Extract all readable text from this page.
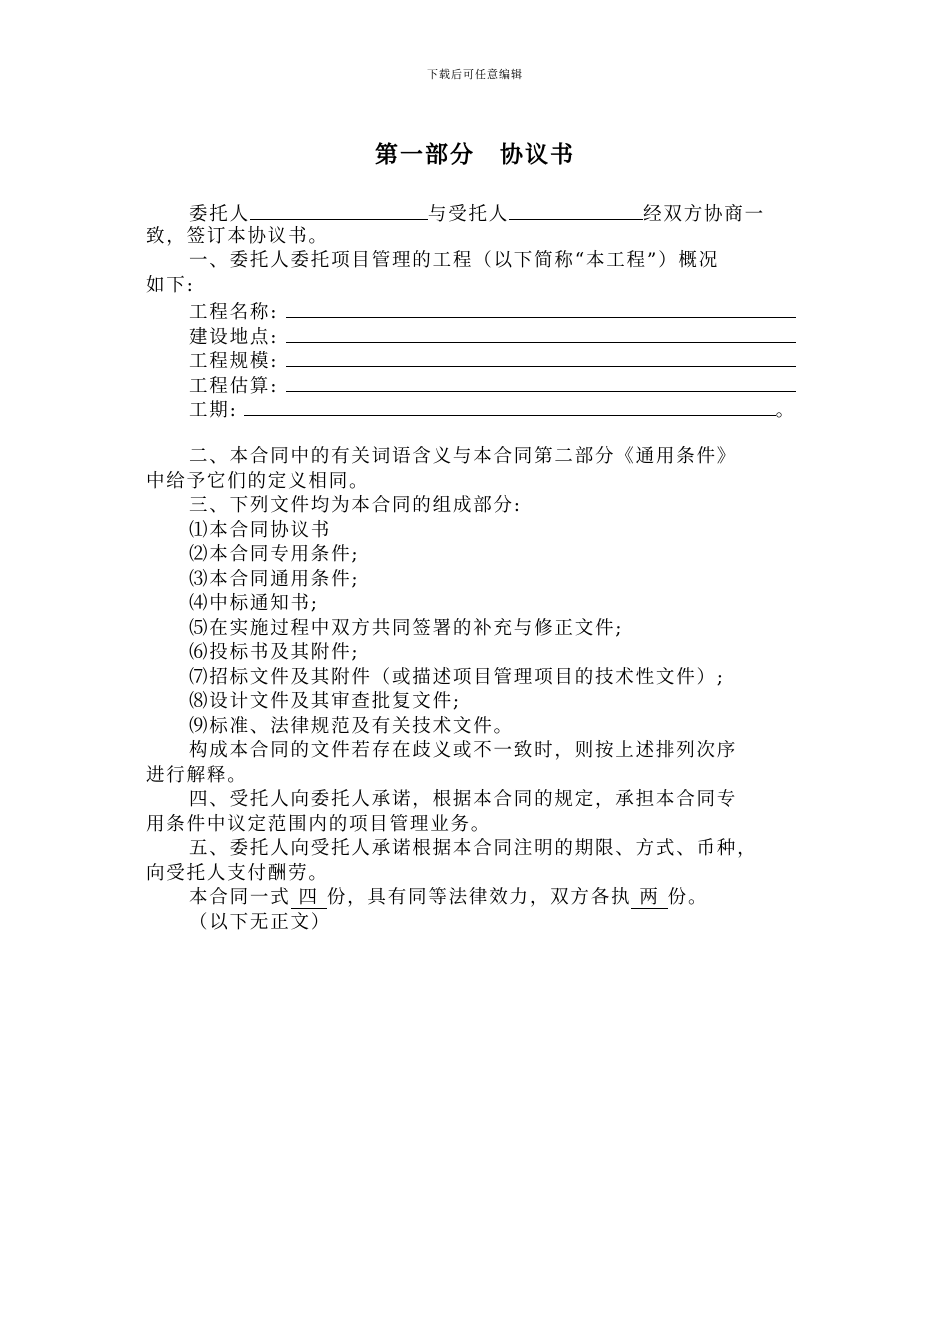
下载后可任意编辑
第一部分　协议书
委托人	与受托人	经双方协商一
致，签订本协议书。
一、委托人委托项目管理的工程（以下简称“本工程”）概况
如下:
工程名称:
建设地点:
工程规模:
工程估算:
工期:	。
二、本合同中的有关词语含义与本合同第二部分《通用条件》
中给予它们的定义相同。
三、下列文件均为本合同的组成部分:
⑴本合同协议书
⑵本合同专用条件;
⑶本合同通用条件;
⑷中标通知书;
⑸在实施过程中双方共同签署的补充与修正文件;
⑹投标书及其附件;
⑺招标文件及其附件（或描述项目管理项目的技术性文件）;
⑻设计文件及其审查批复文件;
⑼标准、法律规范及有关技术文件。
构成本合同的文件若存在歧义或不一致时，则按上述排列次序
进行解释。
四、受托人向委托人承诺，根据本合同的规定，承担本合同专
用条件中议定范围内的项目管理业务。
五、委托人向受托人承诺根据本合同注明的期限、方式、币种，
向受托人支付酬劳。
本合同一式 四 份，具有同等法律效力，双方各执 两 份。
（以下无正文）
